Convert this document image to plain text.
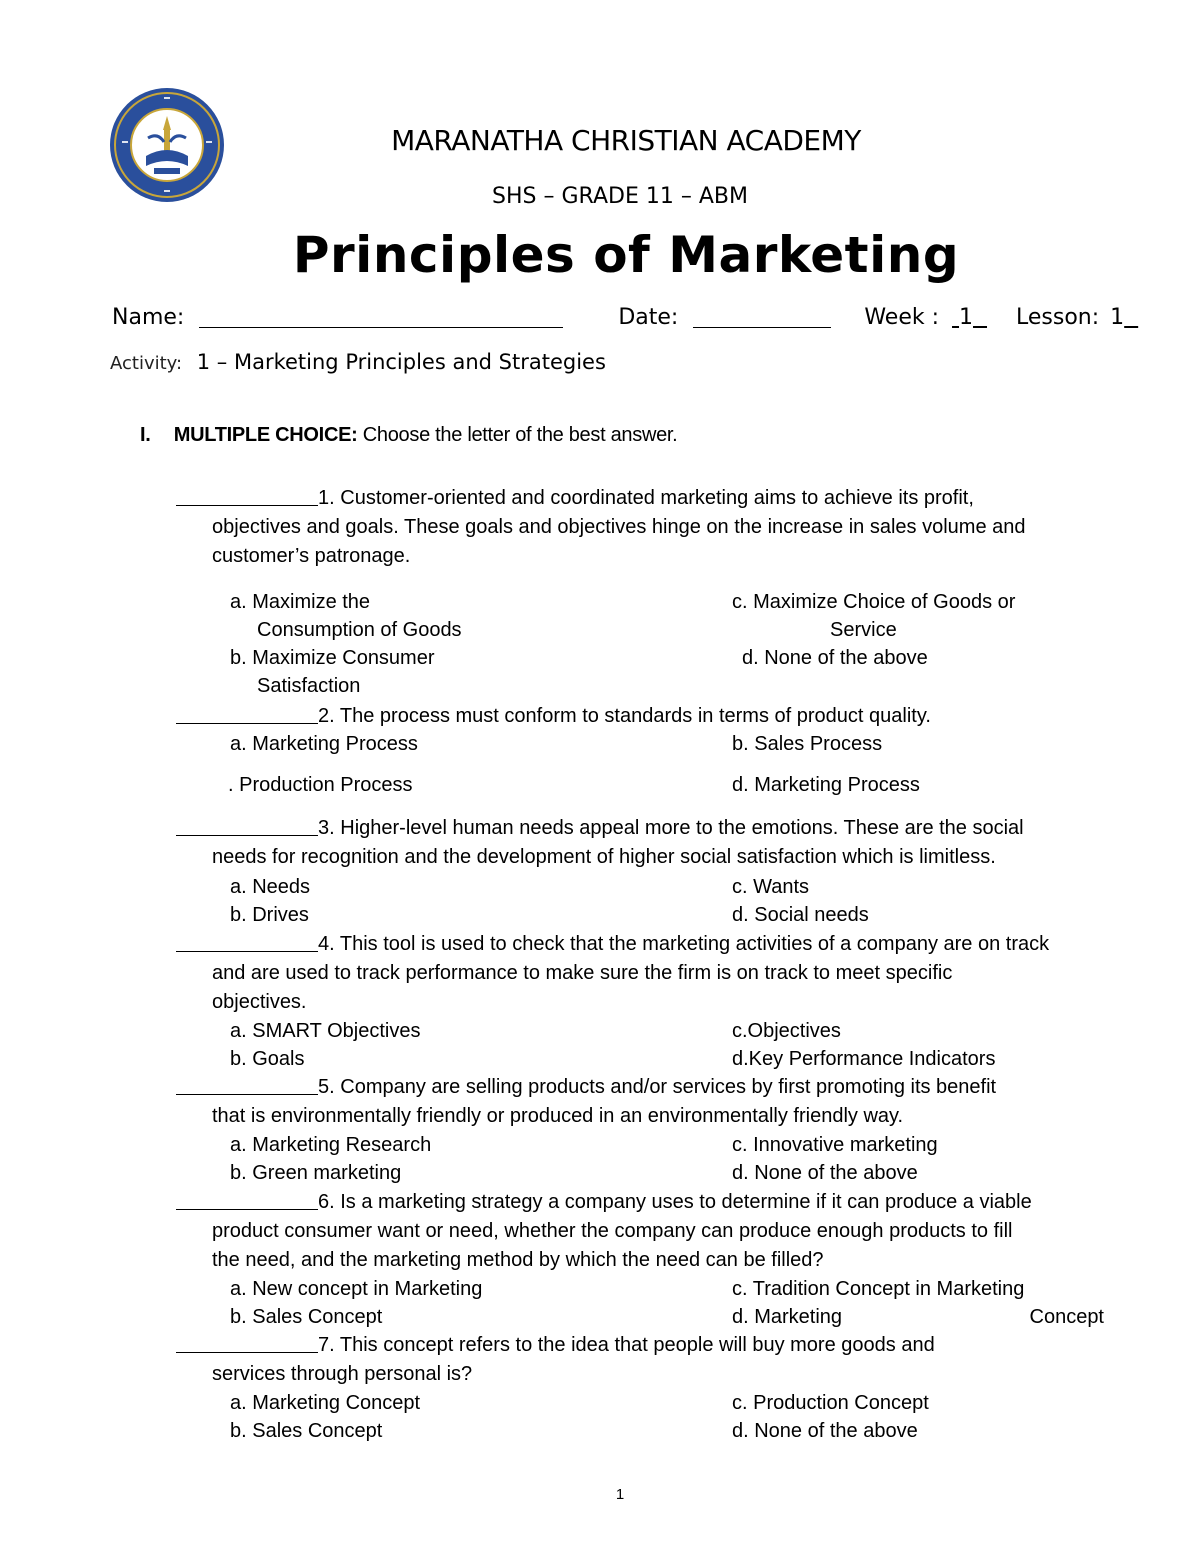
MARANATHA CHRISTIAN ACADEMY
SHS – GRADE 11 – ABM
Principles of Marketing
Name:	Date:	Week : 1 Lesson: 1
Activity: 1 – Marketing Principles and Strategies
I. MULTIPLE CHOICE: Choose the letter of the best answer.
1. Customer-oriented and coordinated marketing aims to achieve its profit,
objectives and goals. These goals and objectives hinge on the increase in sales volume and
customer’s patronage.
a. Maximize the
Consumption of Goods
b. Maximize Consumer
Satisfaction
c. Maximize Choice of Goods or
Service
d. None of the above
2. The process must conform to standards in terms of product quality.
a. Marketing Process	b. Sales Process
. Production Process	d. Marketing Process
3. Higher-level human needs appeal more to the emotions. These are the social
needs for recognition and the development of higher social satisfaction which is limitless.
a. Needs
b. Drives
c. Wants
d. Social needs
4. This tool is used to check that the marketing activities of a company are on track
and are used to track performance to make sure the firm is on track to meet specific
objectives.
a. SMART Objectives
b. Goals
c.Objectives
d.Key Performance Indicators
5. Company are selling products and/or services by first promoting its benefit
that is environmentally friendly or produced in an environmentally friendly way.
a. Marketing Research
b. Green marketing
c. Innovative marketing
d. None of the above
6. Is a marketing strategy a company uses to determine if it can produce a viable
product consumer want or need, whether the company can produce enough products to fill
the need, and the marketing method by which the need can be filled?
a. New concept in Marketing
b. Sales Concept
c. Tradition Concept in Marketing
d. Marketing	Concept
7. This concept refers to the idea that people will buy more goods and
services through personal is?
a. Marketing Concept
b. Sales Concept
c. Production Concept
d. None of the above
1
